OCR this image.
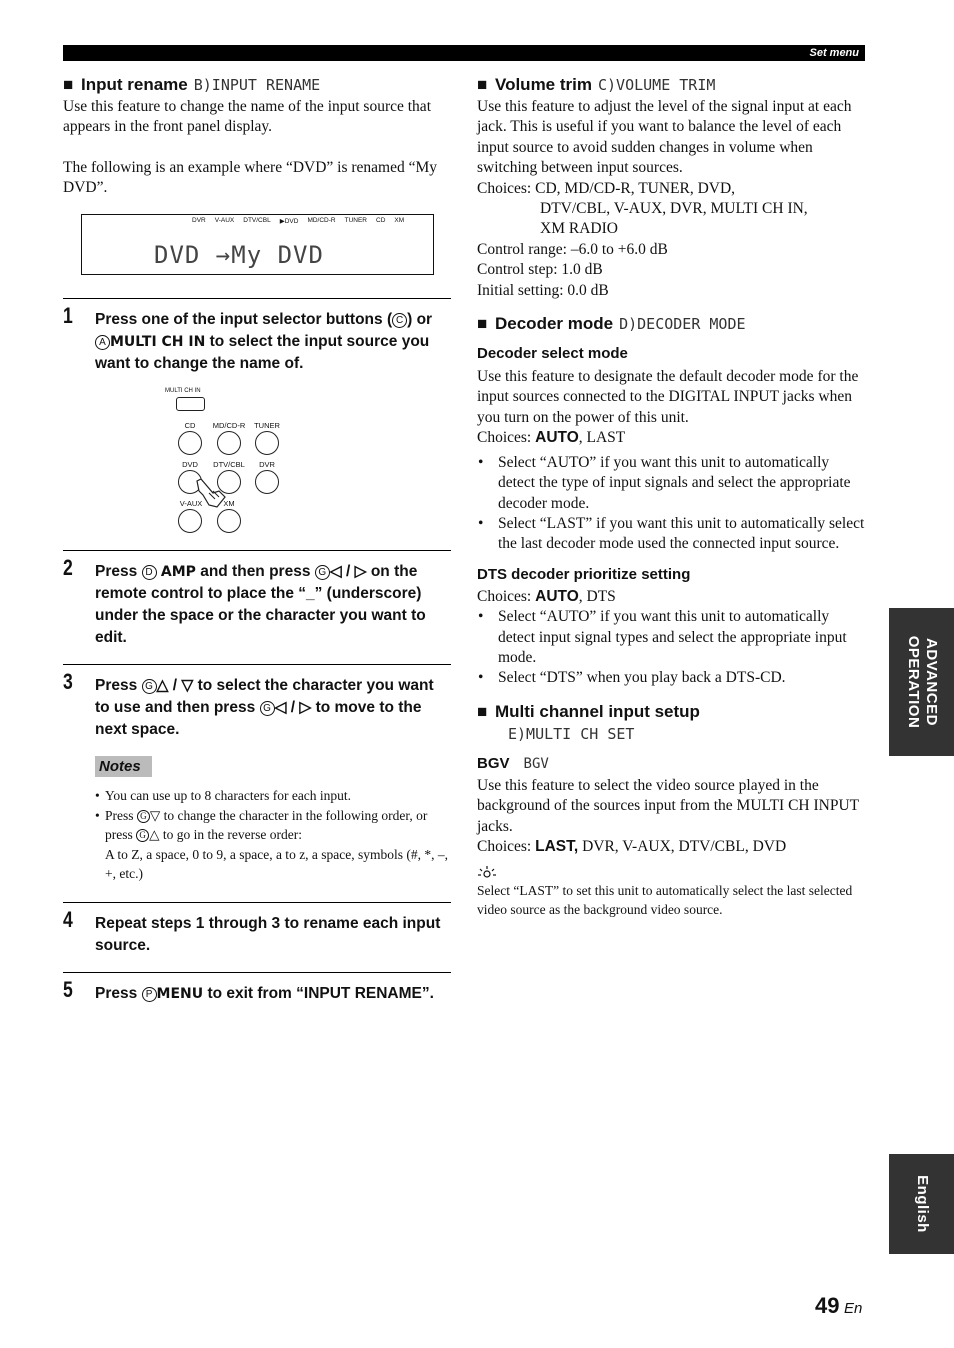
Set menu
■ Input rename B)INPUT RENAME
Use this feature to change the name of the input source that appears in the front panel display.
The following is an example where “DVD” is renamed “My DVD”.
DVR V-AUX DTV/CBL ▶DVD MD/CD-R TUNER CD XM
DVD →My DVD
1 Press one of the input selector buttons ( C ) or A MULTI CH IN to select the input source you want to change the name of.
MULTI CH IN
CD	MD/CD-R	TUNER
DVD	DTV/CBL	DVR
V-AUX	XM
2 Press D AMP and then press G ◁ / ▷ on the remote control to place the “_” (underscore) under the space or the character you want to edit.
3 Press G △ / ▽ to select the character you want to use and then press G ◁ / ▷ to move to the next space.
Notes
• You can use up to 8 characters for each input.
• Press G ▽ to change the character in the following order, or press G △ to go in the reverse order:
A to Z, a space, 0 to 9, a space, a to z, a space, symbols (#, *, –, +, etc.)
4 Repeat steps 1 through 3 to rename each input source.
5 Press P MENU to exit from “INPUT RENAME”.
■ Volume trim C)VOLUME TRIM
Use this feature to adjust the level of the signal input at each jack. This is useful if you want to balance the level of each input source to avoid sudden changes in volume when switching between input sources.
Choices: CD, MD/CD-R, TUNER, DVD,
DTV/CBL, V-AUX, DVR, MULTI CH IN,
XM RADIO
Control range: –6.0 to +6.0 dB
Control step: 1.0 dB
Initial setting: 0.0 dB
■ Decoder mode D)DECODER MODE
Decoder select mode
Use this feature to designate the default decoder mode for the input sources connected to the DIGITAL INPUT jacks when you turn on the power of this unit.
Choices: AUTO, LAST
• Select “AUTO” if you want this unit to automatically detect the type of input signals and select the appropriate decoder mode.
• Select “LAST” if you want this unit to automatically select the last decoder mode used the connected input source.
DTS decoder prioritize setting
Choices: AUTO, DTS
• Select “AUTO” if you want this unit to automatically detect input signal types and select the appropriate input mode.
• Select “DTS” when you play back a DTS-CD.
■ Multi channel input setup
E)MULTI CH SET
BGV BGV
Use this feature to select the video source played in the background of the sources input from the MULTI CH INPUT jacks.
Choices: LAST, DVR, V-AUX, DTV/CBL, DVD
Select “LAST” to set this unit to automatically select the last selected video source as the background video source.
ADVANCED
OPERATION
English
49 En
